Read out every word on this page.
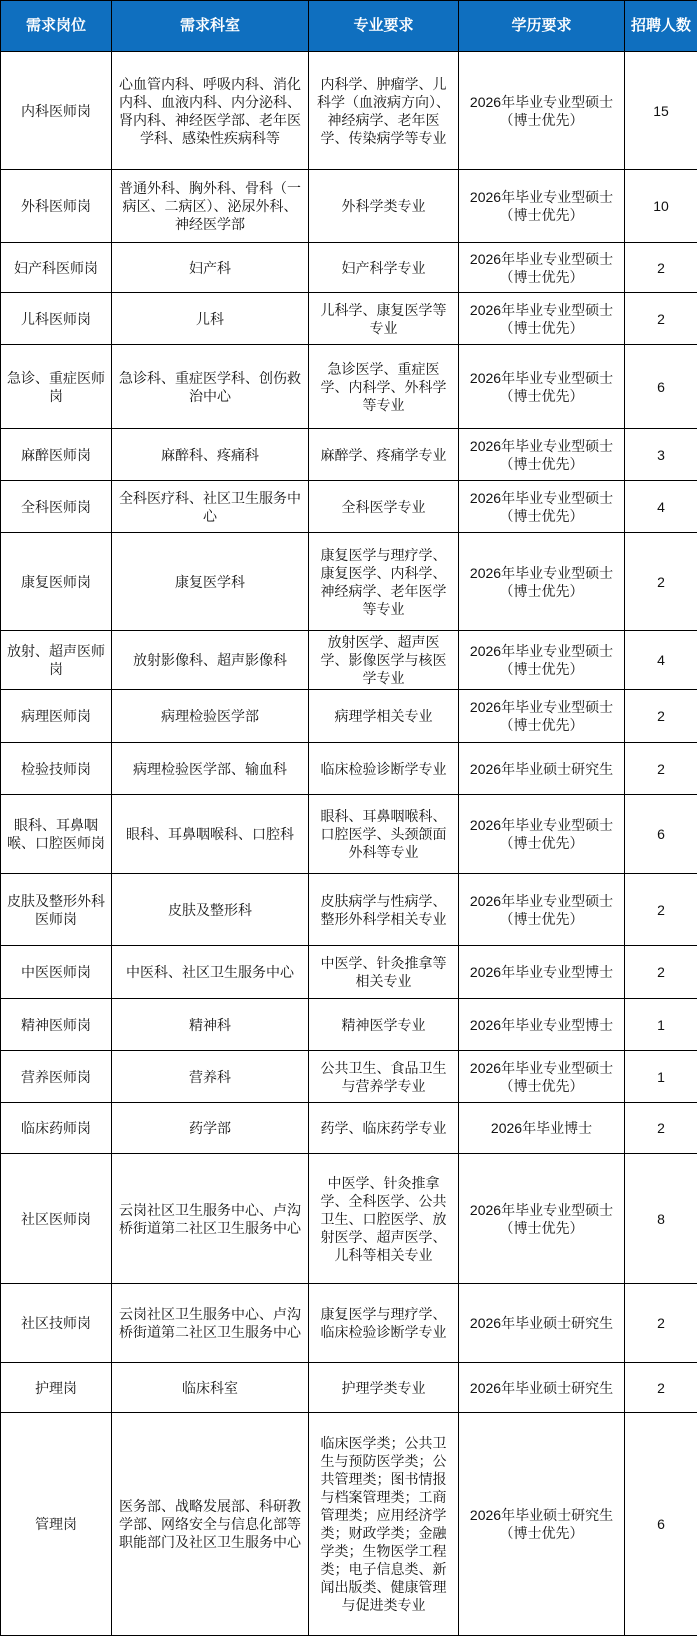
需求岗位	需求科室	专业要求	学历要求	招聘人数
内科医师岗	心血管内科、呼吸内科、消化内科、血液内科、内分泌科、肾内科、神经医学部、老年医学科、感染性疾病科等	内科学、肿瘤学、儿科学（血液病方向）、神经病学、老年医学、传染病学等专业	2026年毕业专业型硕士（博士优先）	15
外科医师岗	普通外科、胸外科、骨科（一病区、二病区）、泌尿外科、神经医学部	外科学类专业	2026年毕业专业型硕士（博士优先）	10
妇产科医师岗	妇产科	妇产科学专业	2026年毕业专业型硕士（博士优先）	2
儿科医师岗	儿科	儿科学、康复医学等专业	2026年毕业专业型硕士（博士优先）	2
急诊、重症医师岗	急诊科、重症医学科、创伤救治中心	急诊医学、重症医学、内科学、外科学等专业	2026年毕业专业型硕士（博士优先）	6
麻醉医师岗	麻醉科、疼痛科	麻醉学、疼痛学专业	2026年毕业专业型硕士（博士优先）	3
全科医师岗	全科医疗科、社区卫生服务中心	全科医学专业	2026年毕业专业型硕士（博士优先）	4
康复医师岗	康复医学科	康复医学与理疗学、康复医学、内科学、神经病学、老年医学等专业	2026年毕业专业型硕士（博士优先）	2
放射、超声医师岗	放射影像科、超声影像科	放射医学、超声医学、影像医学与核医学专业	2026年毕业专业型硕士（博士优先）	4
病理医师岗	病理检验医学部	病理学相关专业	2026年毕业专业型硕士（博士优先）	2
检验技师岗	病理检验医学部、输血科	临床检验诊断学专业	2026年毕业硕士研究生	2
眼科、耳鼻咽喉、口腔医师岗	眼科、耳鼻咽喉科、口腔科	眼科、耳鼻咽喉科、口腔医学、头颈颌面外科等专业	2026年毕业专业型硕士（博士优先）	6
皮肤及整形外科医师岗	皮肤及整形科	皮肤病学与性病学、整形外科学相关专业	2026年毕业专业型硕士（博士优先）	2
中医医师岗	中医科、社区卫生服务中心	中医学、针灸推拿等相关专业	2026年毕业专业型博士	2
精神医师岗	精神科	精神医学专业	2026年毕业专业型博士	1
营养医师岗	营养科	公共卫生、食品卫生与营养学专业	2026年毕业专业型硕士（博士优先）	1
临床药师岗	药学部	药学、临床药学专业	2026年毕业博士	2
社区医师岗	云岗社区卫生服务中心、卢沟桥街道第二社区卫生服务中心	中医学、针灸推拿学、全科医学、公共卫生、口腔医学、放射医学、超声医学、儿科等相关专业	2026年毕业专业型硕士（博士优先）	8
社区技师岗	云岗社区卫生服务中心、卢沟桥街道第二社区卫生服务中心	康复医学与理疗学、临床检验诊断学专业	2026年毕业硕士研究生	2
护理岗	临床科室	护理学类专业	2026年毕业硕士研究生	2
管理岗	医务部、战略发展部、科研教学部、网络安全与信息化部等职能部门及社区卫生服务中心	临床医学类；公共卫生与预防医学类；公共管理类；图书情报与档案管理类；工商管理类；应用经济学类；财政学类；金融学类；生物医学工程类；电子信息类、新闻出版类、健康管理与促进类专业	2026年毕业硕士研究生（博士优先）	6
